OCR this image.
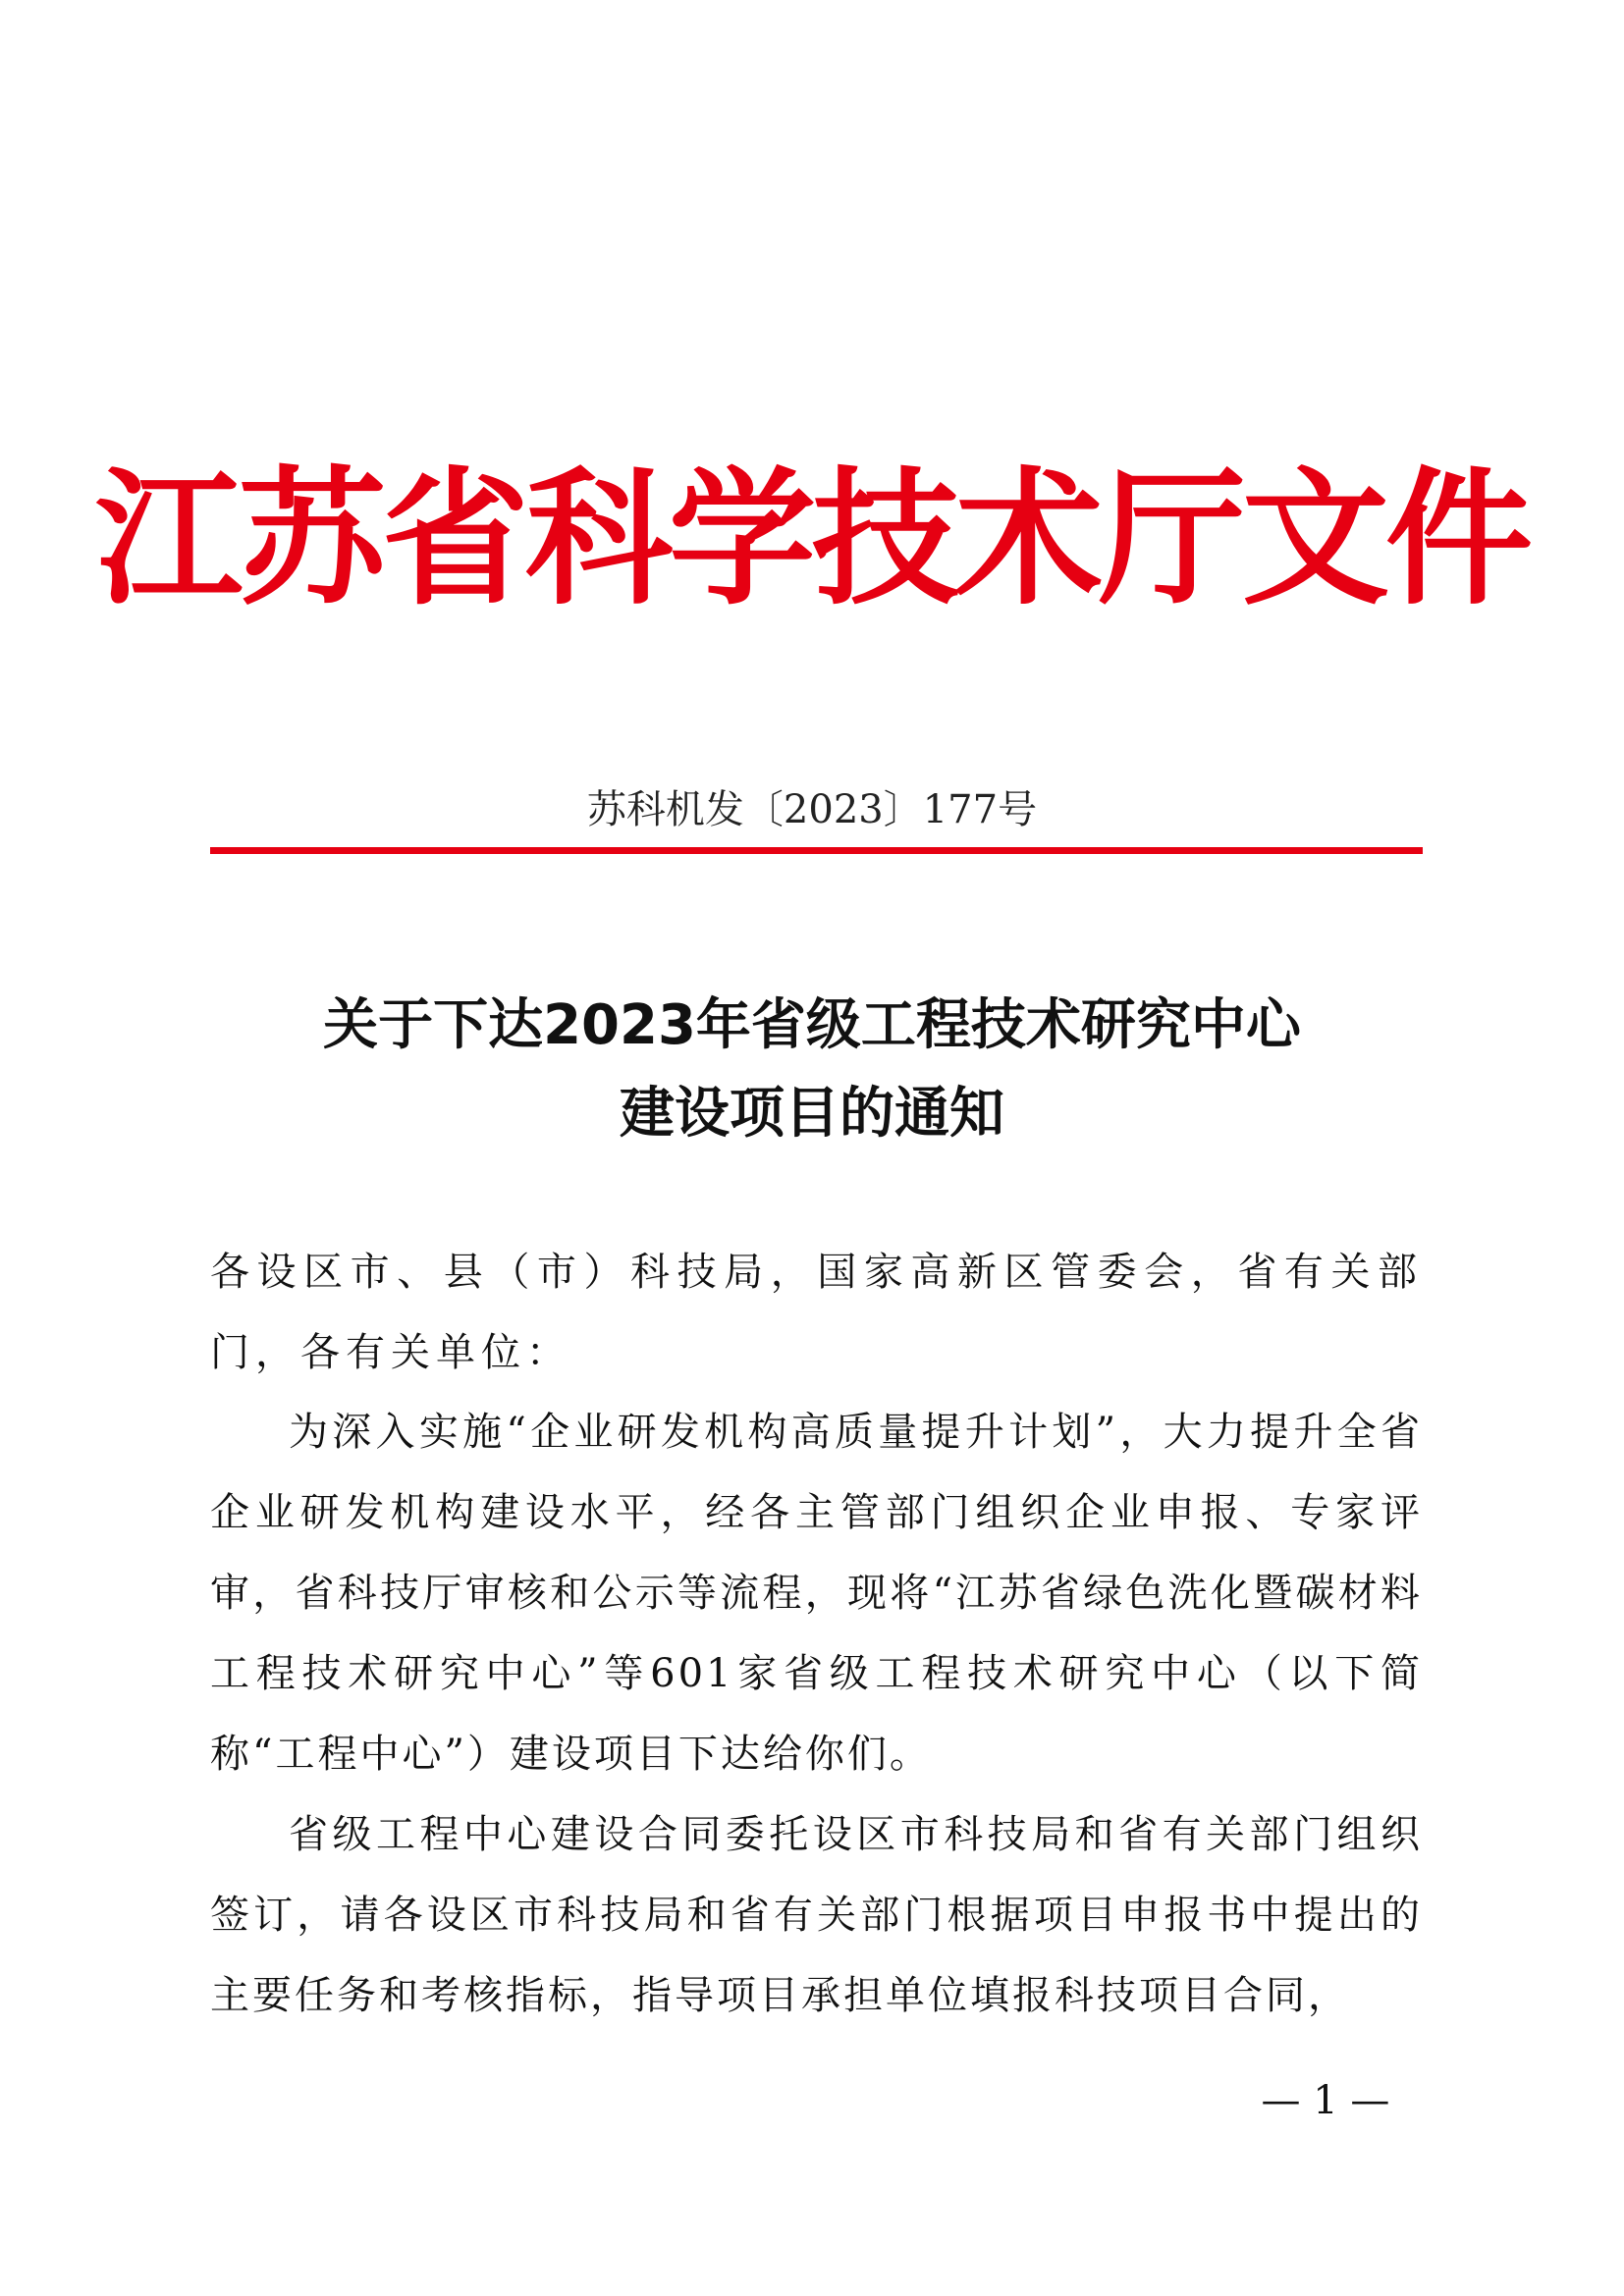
江苏省科学技术厅文件
苏科机发〔2023〕177号
关于下达2023年省级工程技术研究中心
建设项目的通知
各设区市、县（市）科技局，国家高新区管委会，省有关部门，各有关单位：

为深入实施“企业研发机构高质量提升计划”，大力提升全省企业研发机构建设水平，经各主管部门组织企业申报、专家评审，省科技厅审核和公示等流程，现将“江苏省绿色洗化暨碳材料工程技术研究中心”等601家省级工程技术研究中心（以下简称“工程中心”）建设项目下达给你们。

省级工程中心建设合同委托设区市科技局和省有关部门组织签订，请各设区市科技局和省有关部门根据项目申报书中提出的主要任务和考核指标，指导项目承担单位填报科技项目合同，

— 1 —
